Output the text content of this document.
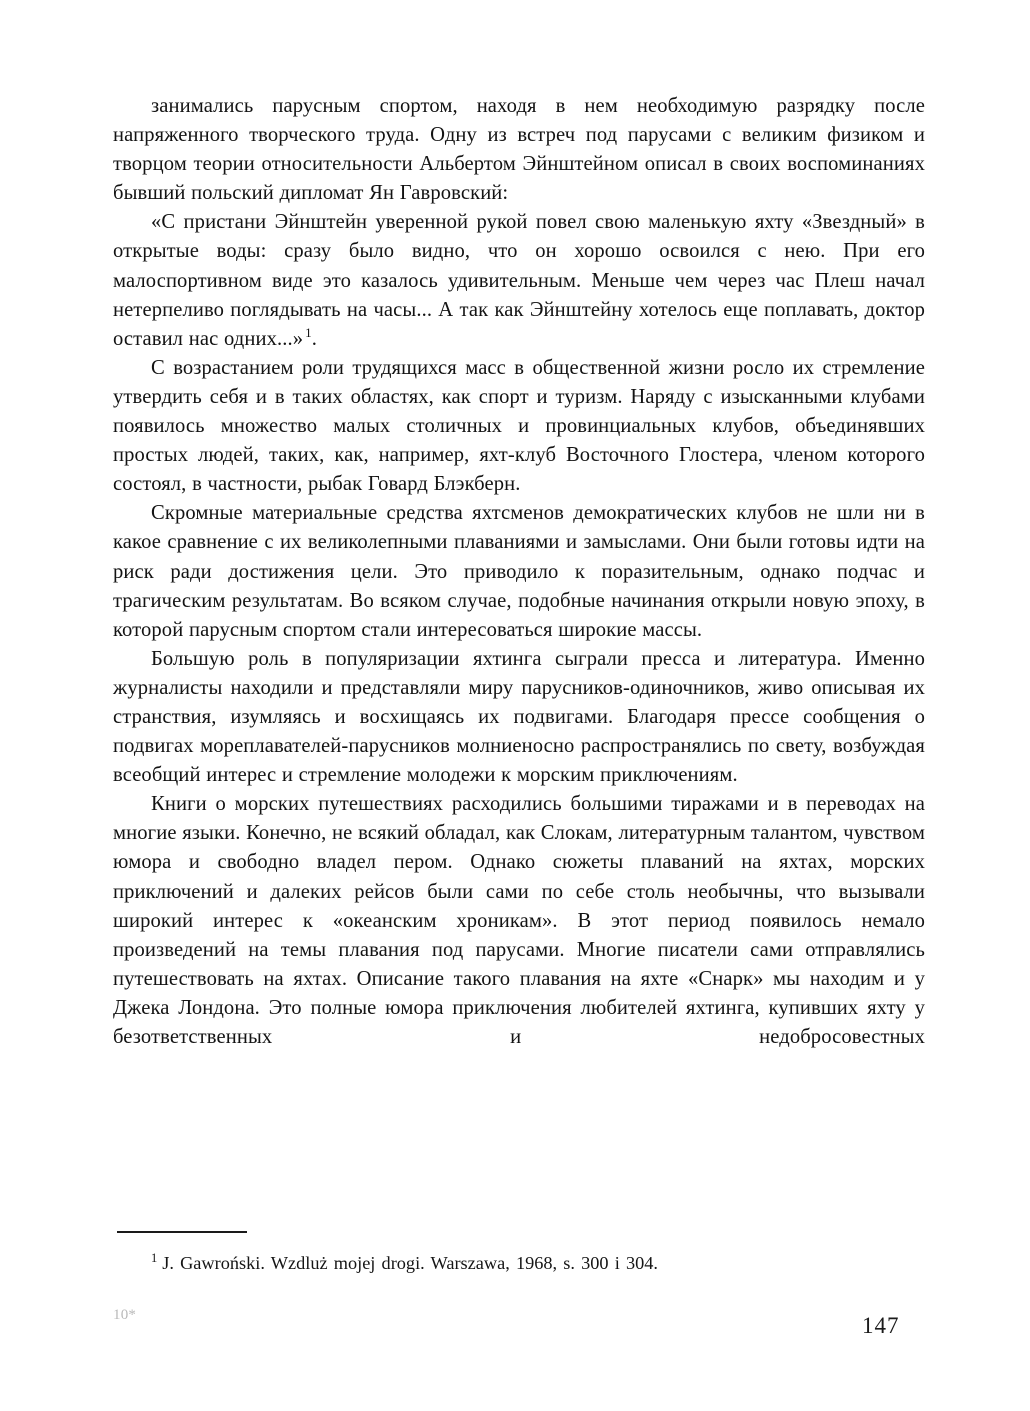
занимались парусным спортом, находя в нем необходимую разрядку после напряженного творческого труда. Одну из встреч под парусами с великим физиком и творцом теории относительности Альбертом Эйнштейном описал в своих воспоминаниях бывший польский дипломат Ян Гавровский:

«С пристани Эйнштейн уверенной рукой повел свою маленькую яхту «Звездный» в открытые воды: сразу было видно, что он хорошо освоился с нею. При его малоспортивном виде это казалось удивительным. Меньше чем через час Плеш начал нетерпеливо поглядывать на часы... А так как Эйнштейну хотелось еще поплавать, доктор оставил нас одних...» $^1$.

С возрастанием роли трудящихся масс в общественной жизни росло их стремление утвердить себя и в таких областях, как спорт и туризм. Наряду с изысканными клубами появилось множество малых столичных и провинциальных клубов, объединявших простых людей, таких, как, например, яхт-клуб Восточного Глостера, членом которого состоял, в частности, рыбак Говард Блэкберн.

Скромные материальные средства яхтсменов демократических клубов не шли ни в какое сравнение с их великолепными плаваниями и замыслами. Они были готовы идти на риск ради достижения цели. Это приводило к поразительным, однако подчас и трагическим результатам. Во всяком случае, подобные начинания открыли новую эпоху, в которой парусным спортом стали интересоваться широкие массы.

Большую роль в популяризации яхтинга сыграли пресса и литература. Именно журналисты находили и представляли миру парусников-одиночников, живо описывая их странствия, изумляясь и восхищаясь их подвигами. Благодаря прессе сообщения о подвигах мореплавателей-парусников молниеносно распространялись по свету, возбуждая всеобщий интерес и стремление молодежи к морским приключениям.

Книги о морских путешествиях расходились большими тиражами и в переводах на многие языки. Конечно, не всякий обладал, как Слокам, литературным талантом, чувством юмора и свободно владел пером. Однако сюжеты плаваний на яхтах, морских приключений и далеких рейсов были сами по себе столь необычны, что вызывали широкий интерес к «океанским хроникам». В этот период появилось немало произведений на темы плавания под парусами. Многие писатели сами отправлялись путешествовать на яхтах. Описание такого плавания на яхте «Снарк» мы находим и у Джека Лондона. Это полные юмора приключения любителей яхтинга, купивших яхту у безответственных и недобросовестных

$^1$ J. Gawroński. Wzdluż mojej drogi. Warszawa, 1968, s. 300 i 304.

10*	147
